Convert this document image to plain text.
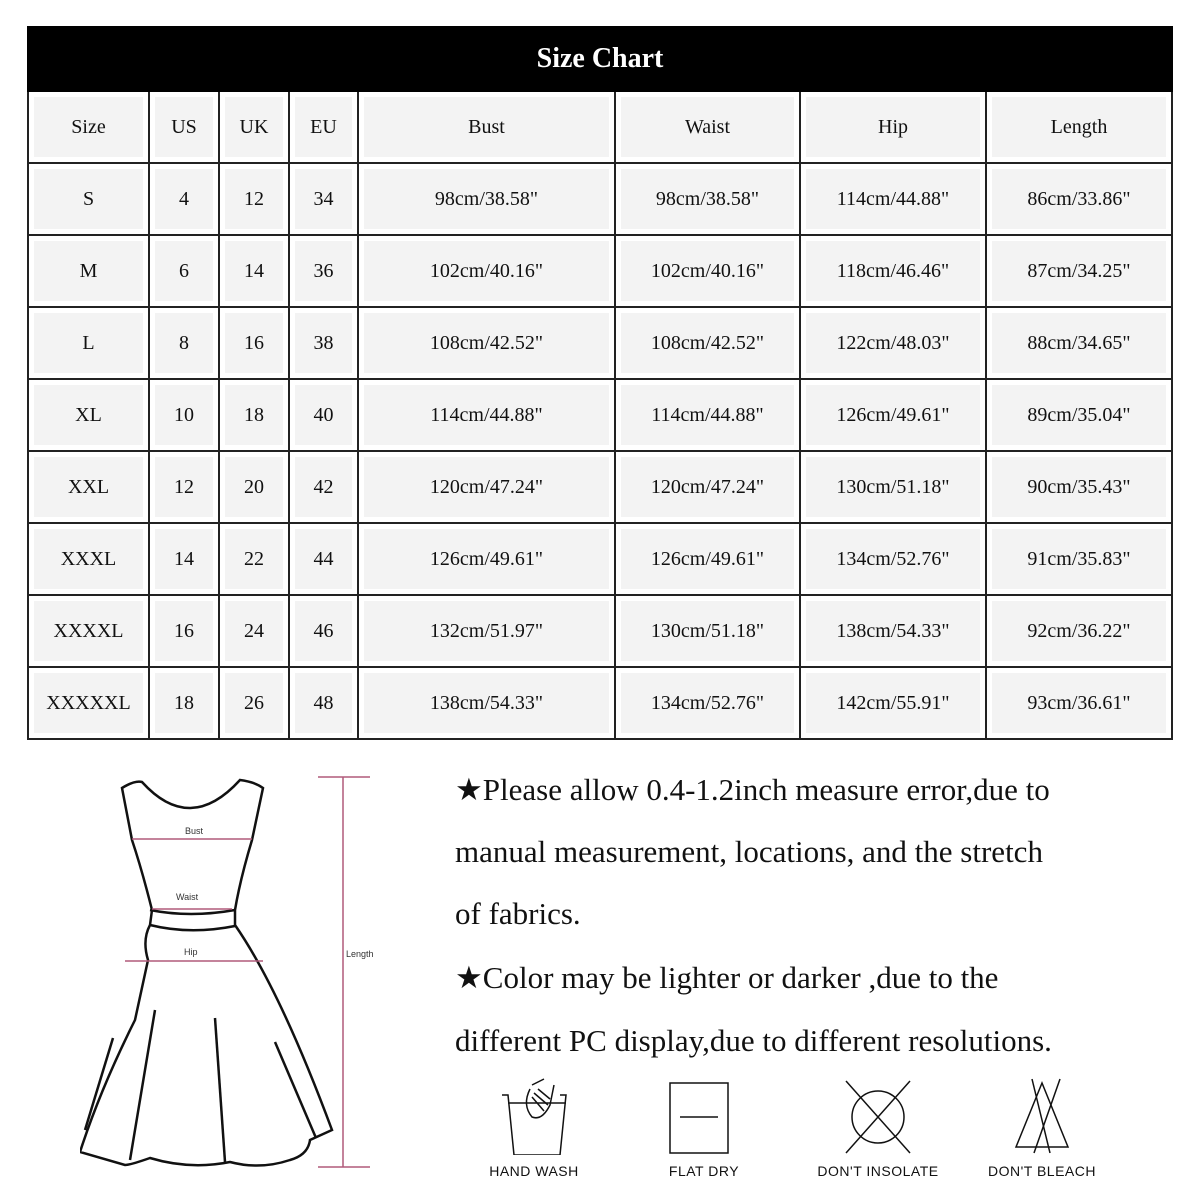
Size Chart							
Size	US	UK	EU	Bust	Waist	Hip	Length
S	4	12	34	98cm/38.58"	98cm/38.58"	114cm/44.88"	86cm/33.86"
M	6	14	36	102cm/40.16"	102cm/40.16"	118cm/46.46"	87cm/34.25"
L	8	16	38	108cm/42.52"	108cm/42.52"	122cm/48.03"	88cm/34.65"
XL	10	18	40	114cm/44.88"	114cm/44.88"	126cm/49.61"	89cm/35.04"
XXL	12	20	42	120cm/47.24"	120cm/47.24"	130cm/51.18"	90cm/35.43"
XXXL	14	22	44	126cm/49.61"	126cm/49.61"	134cm/52.76"	91cm/35.83"
XXXXL	16	24	46	132cm/51.97"	130cm/51.18"	138cm/54.33"	92cm/36.22"
XXXXXL	18	26	48	138cm/54.33"	134cm/52.76"	142cm/55.91"	93cm/36.61"
Bust
Waist
Hip	Length
★Please allow 0.4-1.2inch measure error,due to
manual measurement, locations, and the stretch
of fabrics.
★Color may be lighter or darker ,due to the
different PC display,due to different resolutions.
HAND WASH	FLAT DRY	DON'T INSOLATE	DON'T BLEACH
